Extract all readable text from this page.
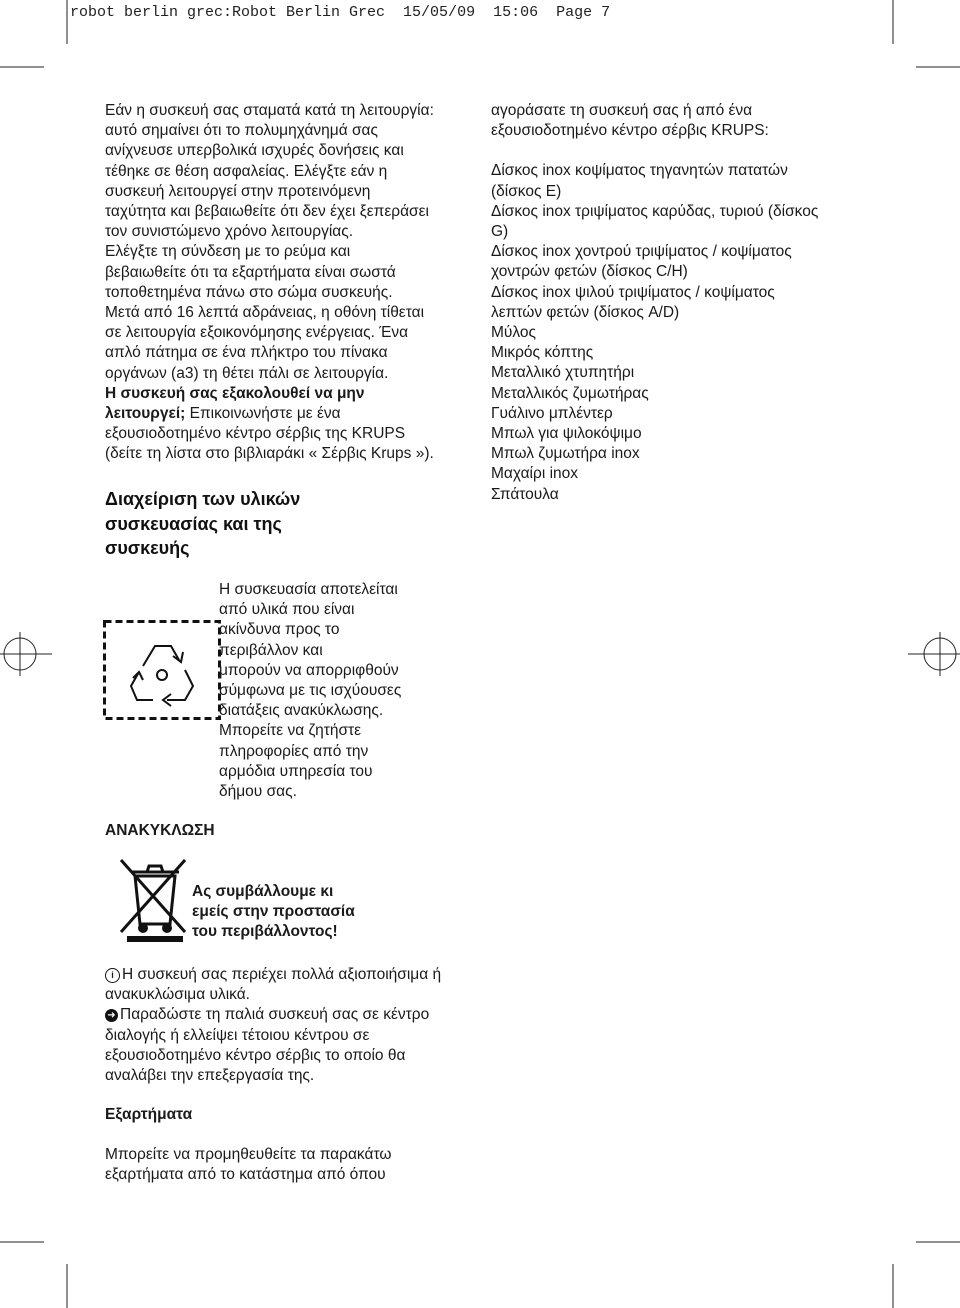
robot berlin grec:Robot Berlin Grec  15/05/09  15:06  Page 7
Εάν η συσκευή σας σταματά κατά τη λειτουργία:
αυτό σημαίνει ότι το πολυμηχάνημά σας
ανίχνευσε υπερβολικά ισχυρές δονήσεις και
τέθηκε σε θέση ασφαλείας. Ελέγξτε εάν η
συσκευή λειτουργεί στην προτεινόμενη
ταχύτητα και βεβαιωθείτε ότι δεν έχει ξεπεράσει
τον συνιστώμενο χρόνο λειτουργίας.
Ελέγξτε τη σύνδεση με το ρεύμα και
βεβαιωθείτε ότι τα εξαρτήματα είναι σωστά
τοποθετημένα πάνω στο σώμα συσκευής.
Μετά από 16 λεπτά αδράνειας, η οθόνη τίθεται
σε λειτουργία εξοικονόμησης ενέργειας. Ένα
απλό πάτημα σε ένα πλήκτρο του πίνακα
οργάνων (a3) τη θέτει πάλι σε λειτουργία.
Η συσκευή σας εξακολουθεί να μην
λειτουργεί; Επικοινωνήστε με ένα
εξουσιοδοτημένο κέντρο σέρβις της KRUPS
(δείτε τη λίστα στο βιβλιαράκι « Σέρβις Krups »).
Διαχείριση των υλικών
συσκευασίας και της
συσκευής
αγοράσατε τη συσκευή σας ή από ένα
εξουσιοδοτημένο κέντρο σέρβις KRUPS:
Δίσκος inox κοψίματος τηγανητών πατατών
(δίσκος E)
Δίσκος inox τριψίματος καρύδας, τυριού (δίσκος
G)
Δίσκος inox χοντρού τριψίματος / κοψίματος
χοντρών φετών (δίσκος C/H)
Δίσκος inox ψιλού τριψίματος / κοψίματος
λεπτών φετών (δίσκος A/D)
Μύλος
Μικρός κόπτης
Μεταλλικό χτυπητήρι
Μεταλλικός ζυμωτήρας
Γυάλινο μπλέντερ
Μπωλ για ψιλοκόψιμο
Μπωλ ζυμωτήρα inox
Μαχαίρι inox
Σπάτουλα
Η συσκευασία αποτελείται
από υλικά που είναι
ακίνδυνα προς το
περιβάλλον και
μπορούν να απορριφθούν
σύμφωνα με τις ισχύουσες
διατάξεις ανακύκλωσης.
Μπορείτε να ζητήστε
πληροφορίες από την
αρμόδια υπηρεσία του
δήμου σας.
ΑΝΑΚΥΚΛΩΣΗ
Ας συμβάλλουμε κι
εμείς στην προστασία
του περιβάλλοντος!
i Η συσκευή σας περιέχει πολλά αξιοποιήσιμα ή
ανακυκλώσιμα υλικά.
➜ Παραδώστε τη παλιά συσκευή σας σε κέντρο
διαλογής ή ελλείψει τέτοιου κέντρου σε
εξουσιοδοτημένο κέντρο σέρβις το οποίο θα
αναλάβει την επεξεργασία της.
Εξαρτήματα
Μπορείτε να προμηθευθείτε τα παρακάτω
εξαρτήματα από το κατάστημα από όπου
